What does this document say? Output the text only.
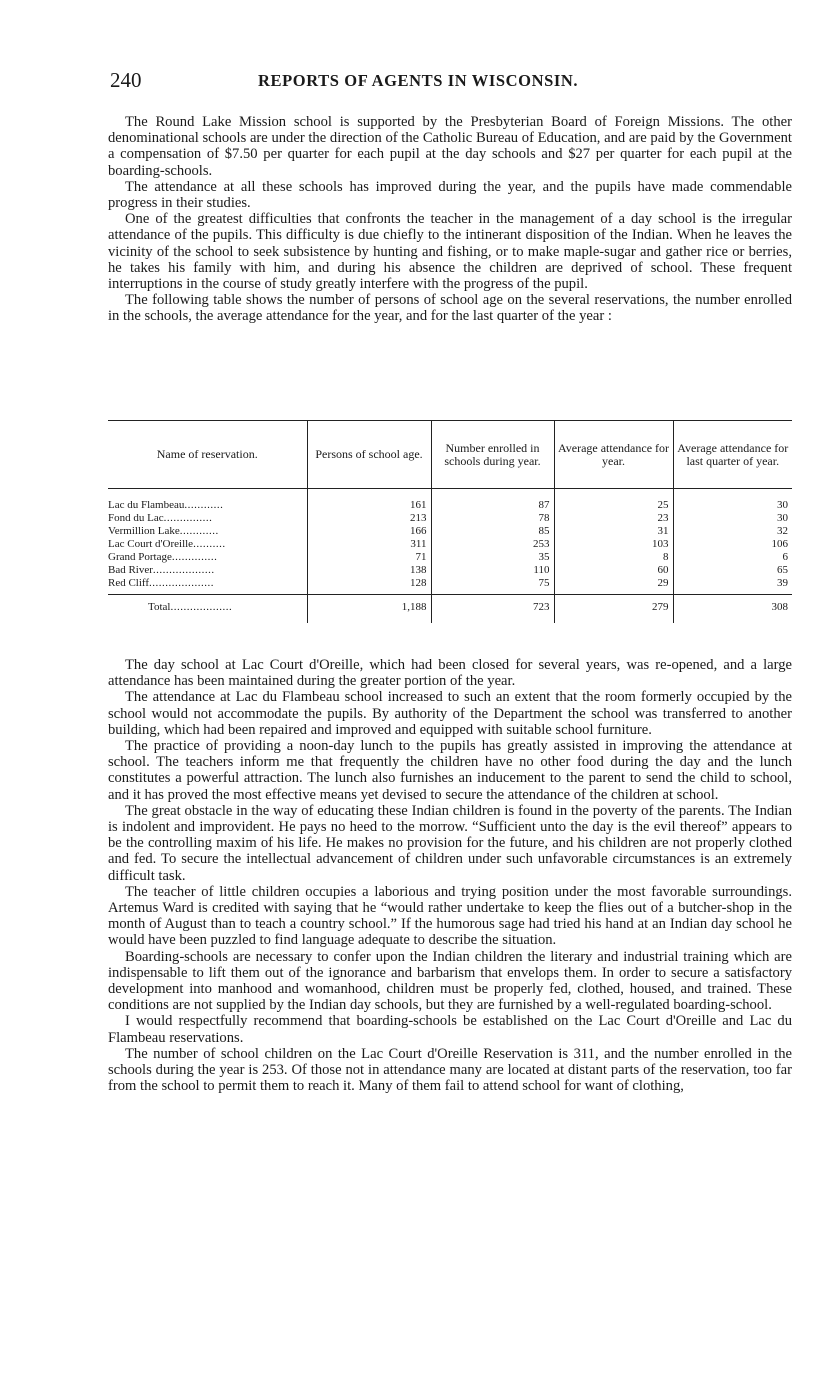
240	REPORTS OF AGENTS IN WISCONSIN.

The Round Lake Mission school is supported by the Presbyterian Board of Foreign Missions. The other denominational schools are under the direction of the Catholic Bureau of Education, and are paid by the Government a compensation of $7.50 per quarter for each pupil at the day schools and $27 per quarter for each pupil at the boarding-schools.

The attendance at all these schools has improved during the year, and the pupils have made commendable progress in their studies.

One of the greatest difficulties that confronts the teacher in the management of a day school is the irregular attendance of the pupils. This difficulty is due chiefly to the intinerant disposition of the Indian. When he leaves the vicinity of the school to seek subsistence by hunting and fishing, or to make maple-sugar and gather rice or berries, he takes his family with him, and during his absence the children are deprived of school. These frequent interruptions in the course of study greatly interfere with the progress of the pupil.

The following table shows the number of persons of school age on the several reservations, the number enrolled in the schools, the average attendance for the year, and for the last quarter of the year :

Name of reservation.	Persons of school age.	Number enrolled in schools during year.	Average attendance for year.	Average attendance for last quarter of year.

Lac du Flambeau............	161	87	25	30
Fond du Lac...............	213	78	23	30
Vermillion Lake............	166	85	31	32
Lac Court d'Oreille..........	311	253	103	106
Grand Portage..............	71	35	8	6
Bad River...................	138	110	60	65
Red Cliff....................	128	75	29	39

Total...................	1,188	723	279	308

The day school at Lac Court d'Oreille, which had been closed for several years, was re-opened, and a large attendance has been maintained during the greater portion of the year.

The attendance at Lac du Flambeau school increased to such an extent that the room formerly occupied by the school would not accommodate the pupils. By authority of the Department the school was transferred to another building, which had been repaired and improved and equipped with suitable school furniture.

The practice of providing a noon-day lunch to the pupils has greatly assisted in improving the attendance at school. The teachers inform me that frequently the children have no other food during the day and the lunch constitutes a powerful attraction. The lunch also furnishes an inducement to the parent to send the child to school, and it has proved the most effective means yet devised to secure the attendance of the children at school.

The great obstacle in the way of educating these Indian children is found in the poverty of the parents. The Indian is indolent and improvident. He pays no heed to the morrow. “Sufficient unto the day is the evil thereof” appears to be the controlling maxim of his life. He makes no provision for the future, and his children are not properly clothed and fed. To secure the intellectual advancement of children under such unfavorable circumstances is an extremely difficult task.

The teacher of little children occupies a laborious and trying position under the most favorable surroundings. Artemus Ward is credited with saying that he “would rather undertake to keep the flies out of a butcher-shop in the month of August than to teach a country school.” If the humorous sage had tried his hand at an Indian day school he would have been puzzled to find language adequate to describe the situation.

Boarding-schools are necessary to confer upon the Indian children the literary and industrial training which are indispensable to lift them out of the ignorance and barbarism that envelops them. In order to secure a satisfactory development into manhood and womanhood, children must be properly fed, clothed, housed, and trained. These conditions are not supplied by the Indian day schools, but they are furnished by a well-regulated boarding-school.

I would respectfully recommend that boarding-schools be established on the Lac Court d'Oreille and Lac du Flambeau reservations.

The number of school children on the Lac Court d'Oreille Reservation is 311, and the number enrolled in the schools during the year is 253. Of those not in attendance many are located at distant parts of the reservation, too far from the school to permit them to reach it. Many of them fail to attend school for want of clothing,
